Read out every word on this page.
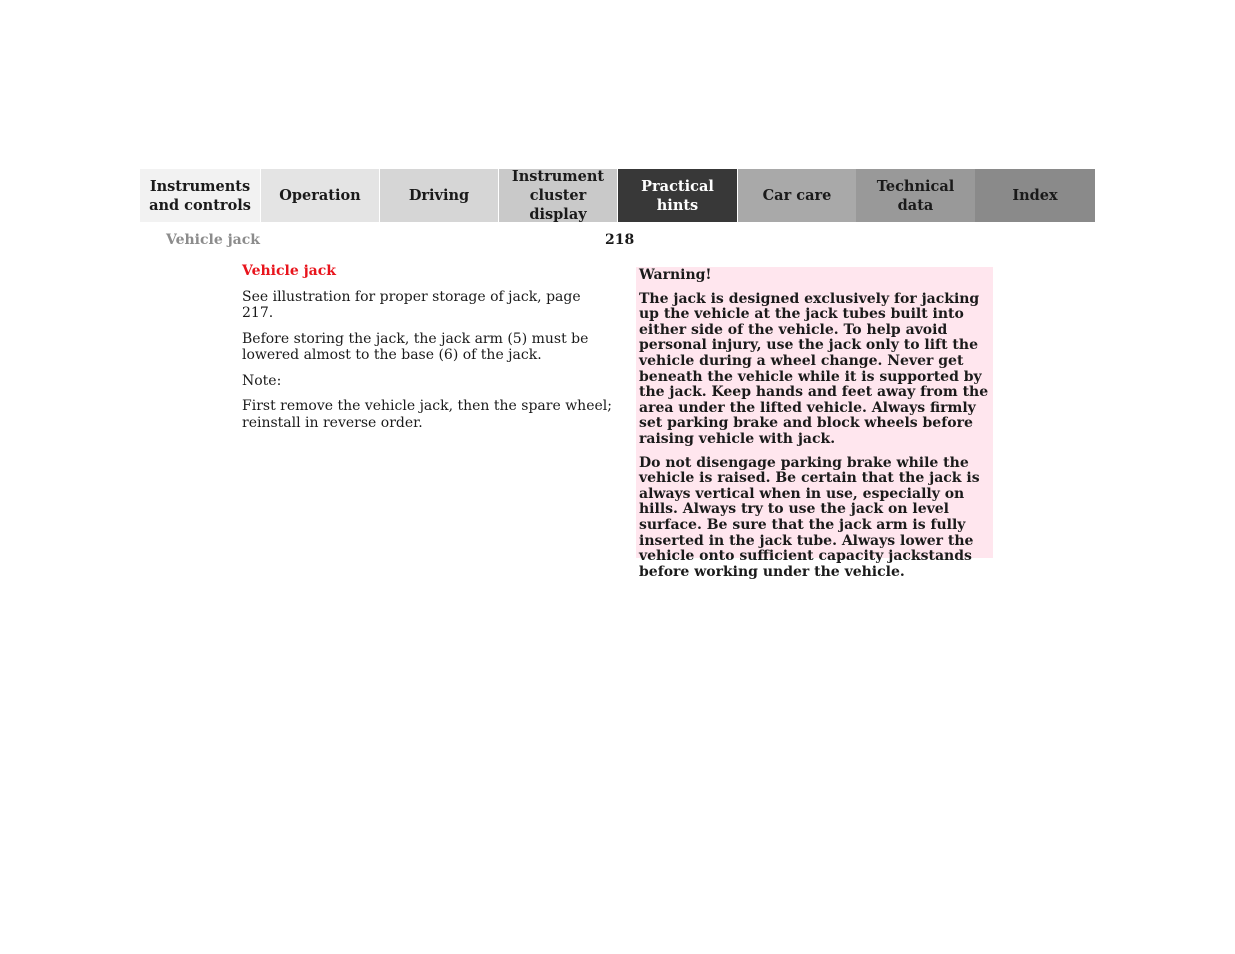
Instruments
and controls
Operation	Driving
Instrument
cluster display
Practical hints
Car care
Technical
data
Index
Vehicle jack	218
Vehicle jack

See illustration for proper storage of jack, page 217.

Before storing the jack, the jack arm (5) must be lowered almost to the base (6) of the jack.

Note:

First remove the vehicle jack, then the spare wheel; reinstall in reverse order.

Warning!

The jack is designed exclusively for jacking up the vehicle at the jack tubes built into either side of the vehicle. To help avoid personal injury, use the jack only to lift the vehicle during a wheel change. Never get beneath the vehicle while it is supported by the jack. Keep hands and feet away from the area under the lifted vehicle. Always firmly set parking brake and block wheels before raising vehicle with jack.

Do not disengage parking brake while the vehicle is raised. Be certain that the jack is always vertical when in use, especially on hills. Always try to use the jack on level surface. Be sure that the jack arm is fully inserted in the jack tube. Always lower the vehicle onto sufficient capacity jackstands before working under the vehicle.
